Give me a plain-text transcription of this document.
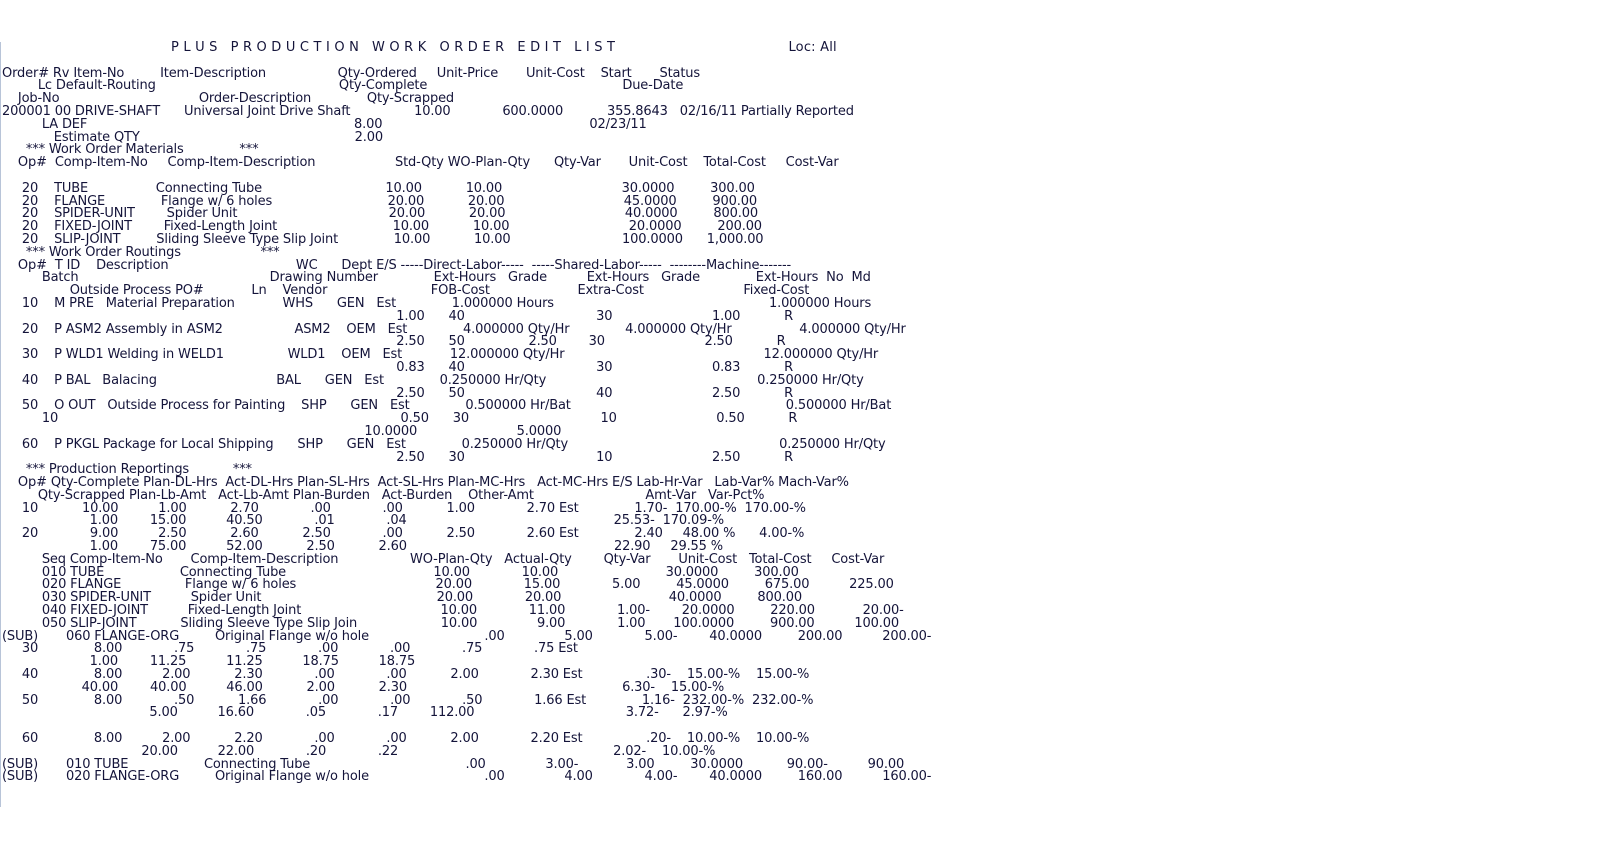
P L U S   P R O D U C T I O N   W O R K   O R D E R   E D I T   L I S T                                        Loc: All
Order# Rv Item-No         Item-Description                  Qty-Ordered     Unit-Price       Unit-Cost    Start       Status
Lc Default-Routing                                              Qty-Complete                                                 Due-Date
Job-No                                   Order-Description              Qty-Scrapped
200001 00 DRIVE-SHAFT      Universal Joint Drive Shaft                10.00             600.0000           355.8643   02/16/11 Partially Reported
LA DEF                                                                   8.00                                                    02/23/11
Estimate QTY                                                      2.00
*** Work Order Materials              ***
Op#  Comp-Item-No     Comp-Item-Description                    Std-Qty WO-Plan-Qty      Qty-Var       Unit-Cost    Total-Cost     Cost-Var
20    TUBE                 Connecting Tube                               10.00           10.00                              30.0000         300.00
20    FLANGE              Flange w/ 6 holes                             20.00           20.00                              45.0000         900.00
20    SPIDER-UNIT        Spider Unit                                      20.00           20.00                              40.0000         800.00
20    FIXED-JOINT        Fixed-Length Joint                             10.00           10.00                              20.0000         200.00
20    SLIP-JOINT         Sliding Sleeve Type Slip Joint              10.00           10.00                            100.0000      1,000.00
*** Work Order Routings                    ***
Op#  T ID    Description                                WC      Dept E/S -----Direct-Labor-----  -----Shared-Labor-----  --------Machine-------
Batch                                                Drawing Number              Ext-Hours   Grade          Ext-Hours   Grade              Ext-Hours  No  Md
Outside Process PO#            Ln    Vendor                          FOB-Cost                      Extra-Cost                         Fixed-Cost
10    M PRE   Material Preparation            WHS      GEN   Est              1.000000 Hours                                                      1.000000 Hours
1.00      40                                 30                         1.00           R
20    P ASM2 Assembly in ASM2                  ASM2    OEM   Est              4.000000 Qty/Hr              4.000000 Qty/Hr                 4.000000 Qty/Hr
2.50      50                2.50        30                         2.50           R
30    P WLD1 Welding in WELD1                WLD1    OEM   Est            12.000000 Qty/Hr                                                  12.000000 Qty/Hr
0.83      40                                 30                         0.83           R
40    P BAL   Balacing                              BAL      GEN   Est              0.250000 Hr/Qty                                                     0.250000 Hr/Qty
2.50      50                                 40                         2.50           R
50    O OUT   Outside Process for Painting    SHP      GEN   Est              0.500000 Hr/Bat                                                      0.500000 Hr/Bat
10                                                                                      0.50      30                                 10                         0.50           R
10.0000                         5.0000
60    P PKGL Package for Local Shipping      SHP      GEN   Est              0.250000 Hr/Qty                                                     0.250000 Hr/Qty
2.50      30                                 10                         2.50           R
*** Production Reportings           ***
Op# Qty-Complete Plan-DL-Hrs  Act-DL-Hrs Plan-SL-Hrs  Act-SL-Hrs Plan-MC-Hrs   Act-MC-Hrs E/S Lab-Hr-Var   Lab-Var% Mach-Var%
Qty-Scrapped Plan-Lb-Amt   Act-Lb-Amt Plan-Burden   Act-Burden    Other-Amt                            Amt-Var   Var-Pct%
10           10.00          1.00           2.70             .00             .00           1.00             2.70 Est              1.70-  170.00-%  170.00-%
1.00        15.00          40.50             .01             .04                                                    25.53-  170.09-%
20             9.00          2.50           2.60           2.50             .00           2.50             2.60 Est              2.40     48.00 %      4.00-%
1.00        75.00          52.00           2.50           2.60                                                    22.90     29.55 %
Seq Comp-Item-No       Comp-Item-Description                  WO-Plan-Qty   Actual-Qty        Qty-Var       Unit-Cost   Total-Cost     Cost-Var
010 TUBE                   Connecting Tube                                     10.00             10.00                           30.0000         300.00
020 FLANGE                Flange w/ 6 holes                                   20.00             15.00             5.00         45.0000         675.00          225.00
030 SPIDER-UNIT          Spider Unit                                            20.00             20.00                           40.0000         800.00
040 FIXED-JOINT          Fixed-Length Joint                                   10.00             11.00             1.00-        20.0000         220.00            20.00-
050 SLIP-JOINT           Sliding Sleeve Type Slip Join                     10.00               9.00             1.00       100.0000         900.00          100.00
(SUB)       060 FLANGE-ORG         Original Flange w/o hole                             .00               5.00             5.00-        40.0000         200.00          200.00-
30              8.00             .75             .75             .00             .00             .75             .75 Est
1.00        11.25          11.25          18.75          18.75
40              8.00          2.00           2.30             .00             .00           2.00             2.30 Est                .30-    15.00-%    15.00-%
40.00        40.00          46.00           2.00           2.30                                                      6.30-    15.00-%
50              8.00             .50           1.66             .00             .00             .50             1.66 Est              1.16-  232.00-%  232.00-%
5.00          16.60             .05             .17        112.00                                      3.72-      2.97-%
60              8.00          2.00           2.20             .00             .00           2.00             2.20 Est                .20-    10.00-%    10.00-%
20.00          22.00             .20             .22                                                      2.02-    10.00-%
(SUB)       010 TUBE                   Connecting Tube                                       .00               3.00-            3.00         30.0000           90.00-          90.00
(SUB)       020 FLANGE-ORG         Original Flange w/o hole                             .00               4.00             4.00-        40.0000         160.00          160.00-
